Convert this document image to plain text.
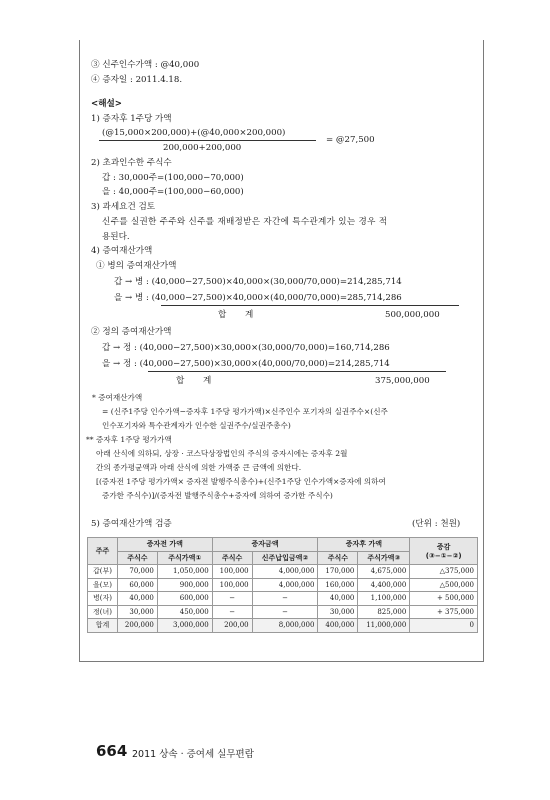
③ 신주인수가액 : @40,000
④ 증자일 : 2011.4.18.
<해설>
1) 증자후 1주당 가액
(@15,000×200,000)+(@40,000×200,000)
200,000+200,000
= @27,500
2) 초과인수한 주식수
갑 : 30,000주=(100,000−70,000)
을 : 40,000주=(100,000−60,000)
3) 과세요건 검토
신주를 실권한 주주와 신주를 재배정받은 자간에 특수관계가 있는 경우 적
용된다.
4) 증여재산가액
① 병의 증여재산가액
갑 → 병 : (40,000−27,500)×40,000×(30,000/70,000)=214,285,714
을 → 병 : (40,000−27,500)×40,000×(40,000/70,000)=285,714,286
합 계	500,000,000
② 정의 증여재산가액
갑 → 정 : (40,000−27,500)×30,000×(30,000/70,000)=160,714,286
을 → 정 : (40,000−27,500)×30,000×(40,000/70,000)=214,285,714
합 계	375,000,000
* 증여재산가액
= (신주1주당 인수가액−증자후 1주당 평가가액)×신주인수 포기자의 실권주수×(신주
인수포기자와 특수관계자가 인수한 실권주수/실권주총수)
** 증자후 1주당 평가가액
아래 산식에 의하되, 상장 · 코스닥상장법인의 주식의 증자시에는 증자후 2월
간의 종가평균액과 아래 산식에 의한 가액중 큰 금액에 의한다.
[(증자전 1주당 평가가액× 증자전 발행주식총수)+(신주1주당 인수가액×증자에 의하여
증가한 주식수)]/(증자전 발행주식총수+증자에 의하여 증가한 주식수)
5) 증여재산가액 검증	(단위 : 천원)
주주	증자전 가액		증자금액		증자후 가액		증감
(③−①−②)

	주식수	주식가액①	주식수	신주납입금액②	주식수	주식가액③	
갑(부)	70,000	1,050,000	100,000	4,000,000	170,000	4,675,000	△375,000
을(모)	60,000	900,000	100,000	4,000,000	160,000	4,400,000	△500,000
병(자)	40,000	600,000	−	−	40,000	1,100,000	+ 500,000
정(녀)	30,000	450,000	−	−	30,000	825,000	+ 375,000
합계	200,000	3,000,000	200,00	8,000,000	400,000	11,000,000	0
664 2011 상속 · 증여세 실무편람
